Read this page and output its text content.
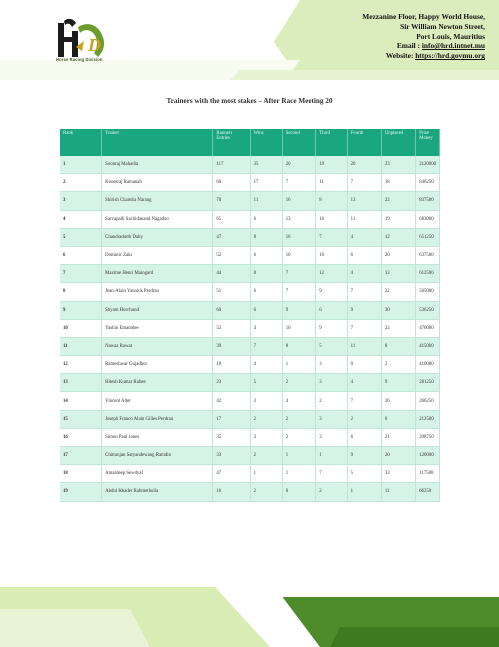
D
Horse Racing Division
Mezzanine Floor, Happy World House,
Sir William Newton Street,
Port Louis, Mauritius
Email : info@hrd.intnet.mu
Website: https://hrd.govmu.org
Trainers with the most stakes – After Race Meeting 20
Rank	Trainer	Runners Entries	Wins	Second	Third	Fourth	Unplaced	Prize Money
1	Soonraj Mahadia	117	35	20	19	20	23	2120000
2	Kooesraj Ramanah	60	17	7	11	7	18	846250
3	Shirish Chandra Narang	70	11	16	8	13	22	837500
4	Sarvapalli Sachidanand Nagadoo	65	6	13	16	11	19	683000
5	Chandradutth Daby	47	8	16	7	4	12	651250
6	Dominic Zaki	52	6	10	10	6	20	637500
7	Maxime Henri Maingard	44	8	7	12	4	13	612500
8	Jean-Alain Yannick Perdrau	51	6	7	9	7	22	565000
9	Shyam Hurchund	60	6	9	6	9	30	536250
10	Yashin Emamdee	52	4	10	9	7	22	470000
11	Nawaz Rawat	39	7	8	5	11	8	415000
12	Rameshwar Gujadhur	10	4	1	3	0	2	410000
13	Hitesh Kumar Ruhee	23	5	2	3	4	9	281250
14	Vincent Allet	42	3	4	2	7	26	266250
15	Joseph Franco Alain Gilles Perdrau	17	2	2	3	2	8	212500
16	Simon Paul Jones	35	3	2	3	6	21	208750
17	Chitranjan Satyandewang Ramdin	33	2	1	1	9	20	120000
18	Amardeep Sewdyal	47	1	1	7	5	33	117500
19	Abdul Khader Rahmethulla	16	2	0	2	1	11	66250
